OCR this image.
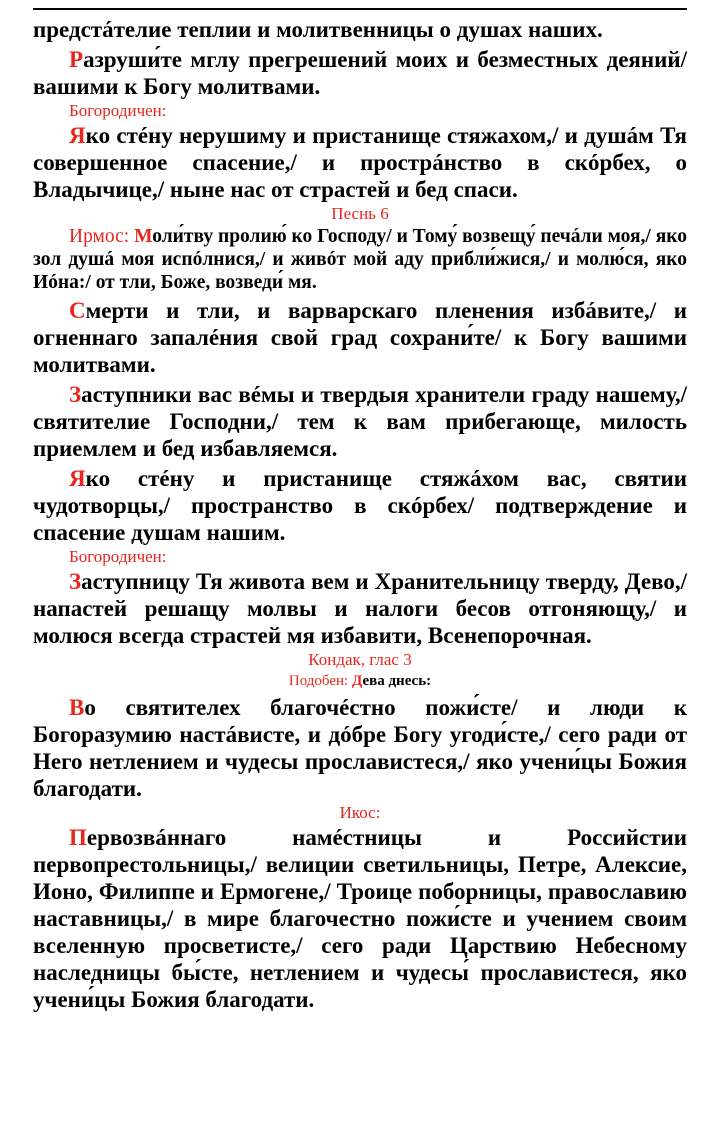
предстáтелие теплии и молитвенницы о душах наших.

Разруши́те мглу прегрешений моих и безместных деяний/ вашими к Богу молитвами.

Богородичен:

Яко стéну нерушиму и пристанище стяжахом,/ и душáм Тя совершенное спасение,/ и прострáнство в скóрбех, о Владычице,/ ныне нас от страстей и бед спаси.

Песнь 6

Ирмос: Моли́тву пролию́ ко Господу/ и Тому́ возвещу́ печáли моя,/ яко зол душá моя испóлнися,/ и живóт мой аду прибли́жися,/ и молю́ся, яко Иóна:/ от тли, Боже, возведи́ мя.

Смерти и тли, и варварскаго пленения избáвите,/ и огненнаго запалéния свой град сохрани́те/ к Богу вашими молитвами.

Заступники вас вéмы и твердыя хранители граду нашему,/ святителие Господни,/ тем к вам прибегающе, милость приемлем и бед избавляемся.

Яко стéну и пристанище стяжáхом вас, святии чудотворцы,/ пространство в скóрбех/ подтверждение и спасение душам нашим.

Богородичен:

Заступницу Тя живота вем и Хранительницу тверду, Дево,/ напастей решащу молвы и налоги бесов отгоняющу,/ и молюся всегда страстей мя избавити, Всенепорочная.

Кондак, глас 3
Подобен: Дева днесь:

Во святителех благочéстно пожи́сте/ и люди к Богоразумию настáвисте, и дóбре Богу угоди́сте,/ сего ради от Него нетлением и чудесы прославистеся,/ яко учени́цы Божия благодати.

Икос:

Первозвáннаго намéстницы и Российстии первопрестольницы,/ велиции светильницы, Петре, Алексие, Ионо, Филиппе и Ермогене,/ Троице поборницы, православию наставницы,/ в мире благочестно пожи́сте и учением своим вселенную просветисте,/ сего ради Царствию Небесному наследницы бы́сте, нетлением и чудесы́ прославистеся, яко учени́цы Божия благодати.
